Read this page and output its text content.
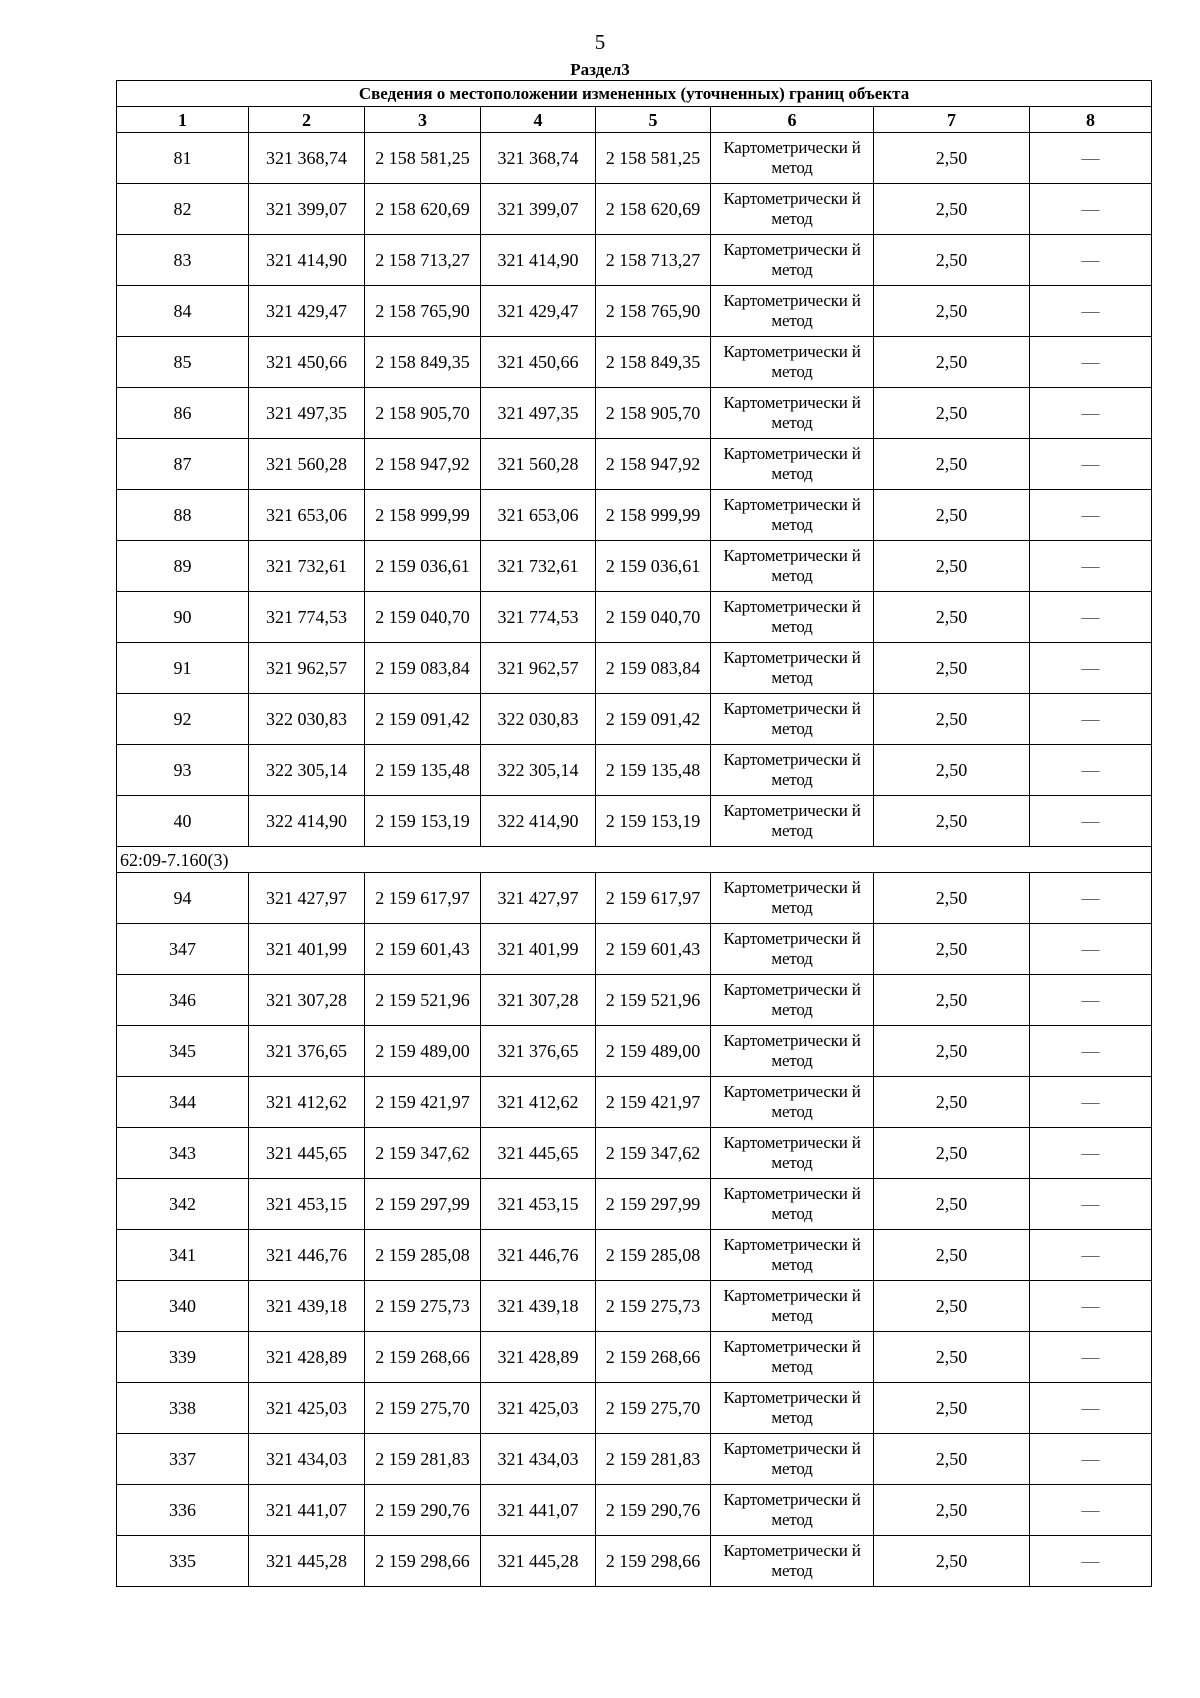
5
Раздел3
Сведения о местоположении измененных (уточненных) границ объекта							
1	2	3	4	5	6	7	8
81	321 368,74	2 158 581,25	321 368,74	2 158 581,25	Картометрически й метод	2,50	—
82	321 399,07	2 158 620,69	321 399,07	2 158 620,69	Картометрически й метод	2,50	—
83	321 414,90	2 158 713,27	321 414,90	2 158 713,27	Картометрически й метод	2,50	—
84	321 429,47	2 158 765,90	321 429,47	2 158 765,90	Картометрически й метод	2,50	—
85	321 450,66	2 158 849,35	321 450,66	2 158 849,35	Картометрически й метод	2,50	—
86	321 497,35	2 158 905,70	321 497,35	2 158 905,70	Картометрически й метод	2,50	—
87	321 560,28	2 158 947,92	321 560,28	2 158 947,92	Картометрически й метод	2,50	—
88	321 653,06	2 158 999,99	321 653,06	2 158 999,99	Картометрически й метод	2,50	—
89	321 732,61	2 159 036,61	321 732,61	2 159 036,61	Картометрически й метод	2,50	—
90	321 774,53	2 159 040,70	321 774,53	2 159 040,70	Картометрически й метод	2,50	—
91	321 962,57	2 159 083,84	321 962,57	2 159 083,84	Картометрически й метод	2,50	—
92	322 030,83	2 159 091,42	322 030,83	2 159 091,42	Картометрически й метод	2,50	—
93	322 305,14	2 159 135,48	322 305,14	2 159 135,48	Картометрически й метод	2,50	—
40	322 414,90	2 159 153,19	322 414,90	2 159 153,19	Картометрически й метод	2,50	—
62:09-7.160(3)							
94	321 427,97	2 159 617,97	321 427,97	2 159 617,97	Картометрически й метод	2,50	—
347	321 401,99	2 159 601,43	321 401,99	2 159 601,43	Картометрически й метод	2,50	—
346	321 307,28	2 159 521,96	321 307,28	2 159 521,96	Картометрически й метод	2,50	—
345	321 376,65	2 159 489,00	321 376,65	2 159 489,00	Картометрически й метод	2,50	—
344	321 412,62	2 159 421,97	321 412,62	2 159 421,97	Картометрически й метод	2,50	—
343	321 445,65	2 159 347,62	321 445,65	2 159 347,62	Картометрически й метод	2,50	—
342	321 453,15	2 159 297,99	321 453,15	2 159 297,99	Картометрически й метод	2,50	—
341	321 446,76	2 159 285,08	321 446,76	2 159 285,08	Картометрически й метод	2,50	—
340	321 439,18	2 159 275,73	321 439,18	2 159 275,73	Картометрически й метод	2,50	—
339	321 428,89	2 159 268,66	321 428,89	2 159 268,66	Картометрически й метод	2,50	—
338	321 425,03	2 159 275,70	321 425,03	2 159 275,70	Картометрически й метод	2,50	—
337	321 434,03	2 159 281,83	321 434,03	2 159 281,83	Картометрически й метод	2,50	—
336	321 441,07	2 159 290,76	321 441,07	2 159 290,76	Картометрически й метод	2,50	—
335	321 445,28	2 159 298,66	321 445,28	2 159 298,66	Картометрически й метод	2,50	—
